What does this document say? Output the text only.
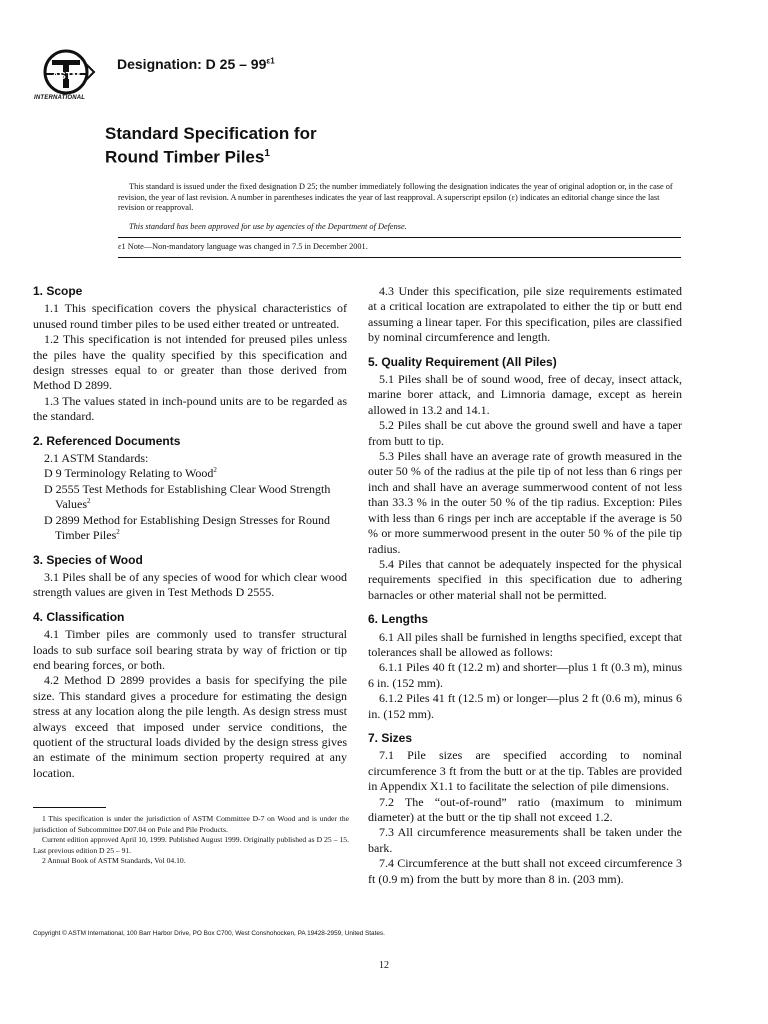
ASTM
Designation: D $25 - 99^{\varepsilon 1}$
INTERNATIONAL
Standard Specification for
Round Timber Piles$^1$

This standard is issued under the fixed designation D 25; the number immediately following the designation indicates the year of original adoption or, in the case of revision, the year of last revision. A number in parentheses indicates the year of last reapproval. A superscript epsilon (ε) indicates an editorial change since the last revision or reapproval.

This standard has been approved for use by agencies of the Department of Defense.
ε1 Note—Non-mandatory language was changed in 7.5 in December 2001.
1. Scope

1.1 This specification covers the physical characteristics of unused round timber piles to be used either treated or untreated.

1.2 This specification is not intended for preused piles unless the piles have the quality specified by this specification and design stresses equal to or greater than those derived from Method D 2899.

1.3 The values stated in inch-pound units are to be regarded as the standard.

2. Referenced Documents

2.1 ASTM Standards:

D 9 Terminology Relating to Wood$^2$

D 2555 Test Methods for Establishing Clear Wood Strength Values$^2$

D 2899 Method for Establishing Design Stresses for Round Timber Piles$^2$

3. Species of Wood

3.1 Piles shall be of any species of wood for which clear wood strength values are given in Test Methods D 2555.

4. Classification

4.1 Timber piles are commonly used to transfer structural loads to sub surface soil bearing strata by way of friction or tip end bearing forces, or both.

4.2 Method D 2899 provides a basis for specifying the pile size. This standard gives a procedure for estimating the design stress at any location along the pile length. As design stress must always exceed that imposed under service conditions, the quotient of the structural loads divided by the design stress gives an estimate of the minimum section property required at any location.

1 This specification is under the jurisdiction of ASTM Committee D-7 on Wood and is under the jurisdiction of Subcommittee D07.04 on Pole and Pile Products.

Current edition approved April 10, 1999. Published August 1999. Originally published as D 25 – 15. Last previous edition D 25 – 91.

2 Annual Book of ASTM Standards, Vol 04.10.

4.3 Under this specification, pile size requirements estimated at a critical location are extrapolated to either the tip or butt end assuming a linear taper. For this specification, piles are classified by nominal circumference and length.

5. Quality Requirement (All Piles)

5.1 Piles shall be of sound wood, free of decay, insect attack, marine borer attack, and Limnoria damage, except as herein allowed in 13.2 and 14.1.

5.2 Piles shall be cut above the ground swell and have a taper from butt to tip.

5.3 Piles shall have an average rate of growth measured in the outer 50 % of the radius at the pile tip of not less than 6 rings per inch and shall have an average summerwood content of not less than 33.3 % in the outer 50 % of the tip radius. Exception: Piles with less than 6 rings per inch are acceptable if the average is 50 % or more summerwood present in the outer 50 % of the pile tip radius.

5.4 Piles that cannot be adequately inspected for the physical requirements specified in this specification due to adhering barnacles or other material shall not be permitted.

6. Lengths

6.1 All piles shall be furnished in lengths specified, except that tolerances shall be allowed as follows:

6.1.1 Piles 40 ft (12.2 m) and shorter—plus 1 ft (0.3 m), minus 6 in. (152 mm).

6.1.2 Piles 41 ft (12.5 m) or longer—plus 2 ft (0.6 m), minus 6 in. (152 mm).

7. Sizes

7.1 Pile sizes are specified according to nominal circumference 3 ft from the butt or at the tip. Tables are provided in Appendix X1.1 to facilitate the selection of pile dimensions.

7.2 The “out-of-round” ratio (maximum to minimum diameter) at the butt or the tip shall not exceed 1.2.

7.3 All circumference measurements shall be taken under the bark.

7.4 Circumference at the butt shall not exceed circumference 3 ft (0.9 m) from the butt by more than 8 in. (203 mm).

Copyright © ASTM International, 100 Barr Harbor Drive, PO Box C700, West Conshohocken, PA 19428-2959, United States.
12
